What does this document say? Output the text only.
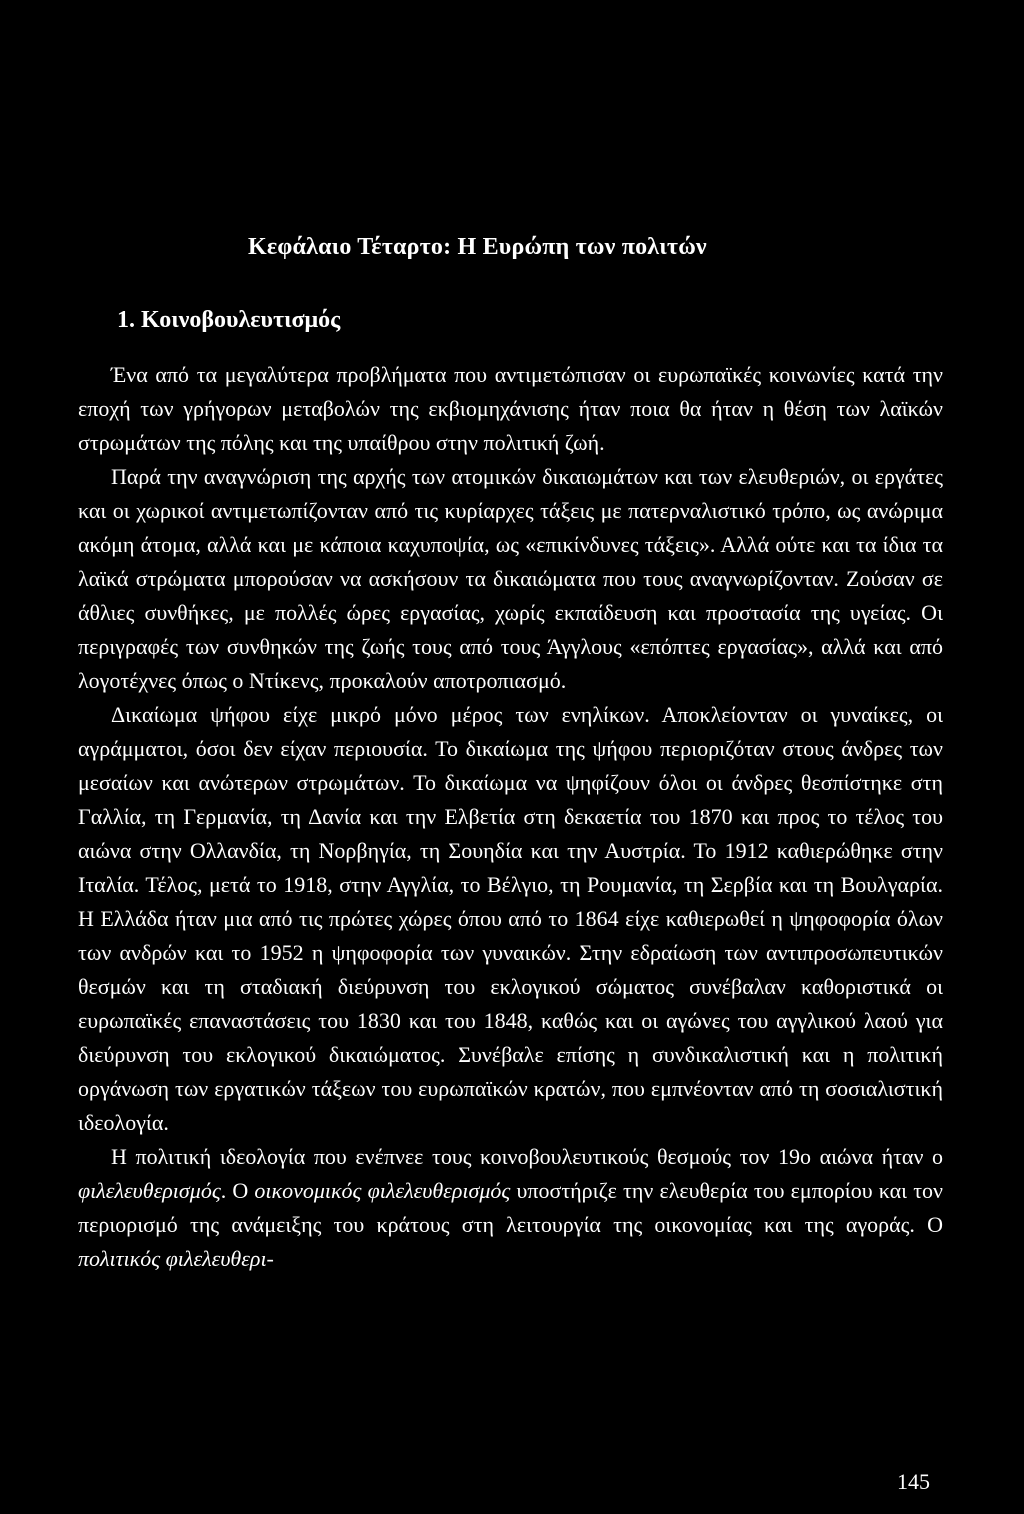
Κεφάλαιο Τέταρτο: Η Ευρώπη των πολιτών
1. Κοινοβουλευτισμός

Ένα από τα μεγαλύτερα προβλήματα που αντιμετώπισαν οι ευρωπαϊκές κοινωνίες κατά την εποχή των γρήγορων μεταβολών της εκβιομηχάνισης ήταν ποια θα ήταν η θέση των λαϊκών στρωμάτων της πόλης και της υπαίθρου στην πολιτική ζωή.

Παρά την αναγνώριση της αρχής των ατομικών δικαιωμάτων και των ελευθεριών, οι εργάτες και οι χωρικοί αντιμετωπίζονταν από τις κυρίαρχες τάξεις με πατερναλιστικό τρόπο, ως ανώριμα ακόμη άτομα, αλλά και με κάποια καχυποψία, ως «επικίνδυνες τάξεις». Αλλά ούτε και τα ίδια τα λαϊκά στρώματα μπορούσαν να ασκήσουν τα δικαιώματα που τους αναγνωρίζονταν. Ζούσαν σε άθλιες συνθήκες, με πολλές ώρες εργασίας, χωρίς εκπαίδευση και προστασία της υγείας. Οι περιγραφές των συνθηκών της ζωής τους από τους Άγγλους «επόπτες εργασίας», αλλά και από λογοτέχνες όπως ο Ντίκενς, προκαλούν αποτροπιασμό.

Δικαίωμα ψήφου είχε μικρό μόνο μέρος των ενηλίκων. Αποκλείονταν οι γυναίκες, οι αγράμματοι, όσοι δεν είχαν περιουσία. Το δικαίωμα της ψήφου περιοριζόταν στους άνδρες των μεσαίων και ανώτερων στρωμάτων. Το δικαίωμα να ψηφίζουν όλοι οι άνδρες θεσπίστηκε στη Γαλλία, τη Γερμανία, τη Δανία και την Ελβετία στη δεκαετία του 1870 και προς το τέλος του αιώνα στην Ολλανδία, τη Νορβηγία, τη Σουηδία και την Αυστρία. Το 1912 καθιερώθηκε στην Ιταλία. Τέλος, μετά το 1918, στην Αγγλία, το Βέλγιο, τη Ρουμανία, τη Σερβία και τη Βουλγαρία. Η Ελλάδα ήταν μια από τις πρώτες χώρες όπου από το 1864 είχε καθιερωθεί η ψηφοφορία όλων των ανδρών και το 1952 η ψηφοφορία των γυναικών. Στην εδραίωση των αντιπροσωπευτικών θεσμών και τη σταδιακή διεύρυνση του εκλογικού σώματος συνέβαλαν καθοριστικά οι ευρωπαϊκές επαναστάσεις του 1830 και του 1848, καθώς και οι αγώνες του αγγλικού λαού για διεύρυνση του εκλογικού δικαιώματος. Συνέβαλε επίσης η συνδικαλιστική και η πολιτική οργάνωση των εργατικών τάξεων του ευρωπαϊκών κρατών, που εμπνέονταν από τη σοσιαλιστική ιδεολογία.

Η πολιτική ιδεολογία που ενέπνεε τους κοινοβουλευτικούς θεσμούς τον 19ο αιώνα ήταν ο φιλελευθερισμός. Ο οικονομικός φιλελευθερισμός υποστήριζε την ελευθερία του εμπορίου και τον περιορισμό της ανάμειξης του κράτους στη λειτουργία της οικονομίας και της αγοράς. Ο πολιτικός φιλελευθερι-

145
